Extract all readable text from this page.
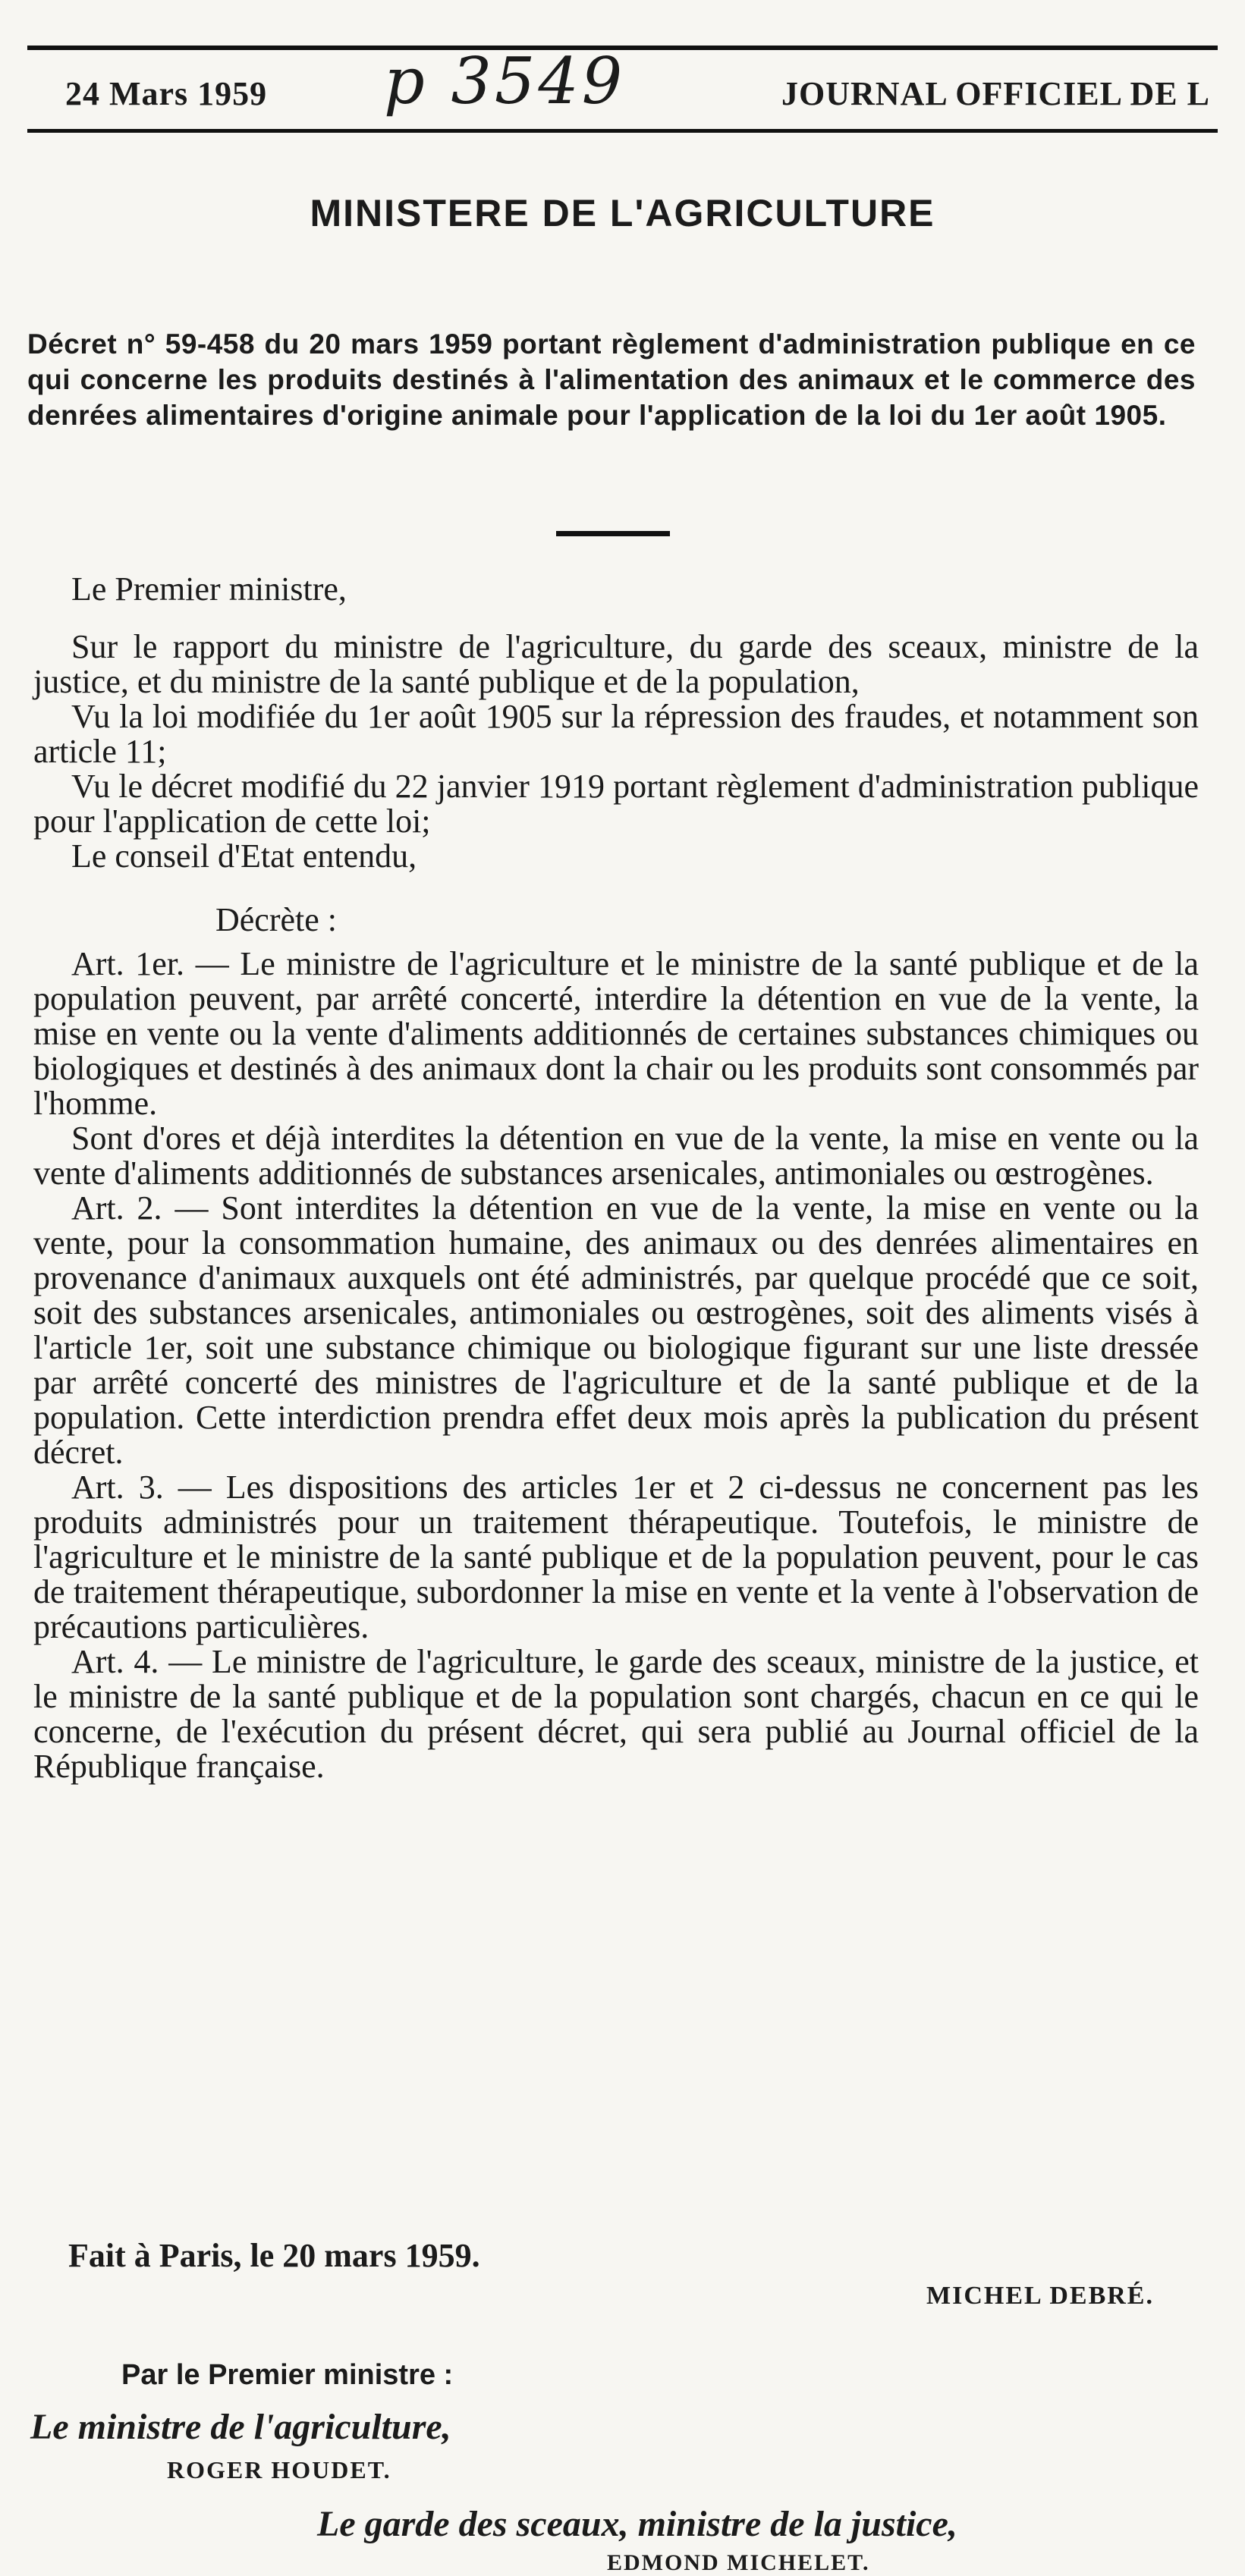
24 Mars 1959 p 3549	JOURNAL OFFICIEL DE L
MINISTERE DE L'AGRICULTURE
Décret n° 59-458 du 20 mars 1959 portant règlement d'administration publique en ce qui concerne les produits destinés à l'alimentation des animaux et le commerce des denrées alimentaires d'origine animale pour l'application de la loi du 1er août 1905.

Le Premier ministre,

Sur le rapport du ministre de l'agriculture, du garde des sceaux, ministre de la justice, et du ministre de la santé publique et de la population,

Vu la loi modifiée du 1er août 1905 sur la répression des fraudes, et notamment son article 11;

Vu le décret modifié du 22 janvier 1919 portant règlement d'administration publique pour l'application de cette loi;

Le conseil d'Etat entendu,

Décrète :

Art. 1er. — Le ministre de l'agriculture et le ministre de la santé publique et de la population peuvent, par arrêté concerté, interdire la détention en vue de la vente, la mise en vente ou la vente d'aliments additionnés de certaines substances chimiques ou biologiques et destinés à des animaux dont la chair ou les produits sont consommés par l'homme.

Sont d'ores et déjà interdites la détention en vue de la vente, la mise en vente ou la vente d'aliments additionnés de substances arsenicales, antimoniales ou œstrogènes.

Art. 2. — Sont interdites la détention en vue de la vente, la mise en vente ou la vente, pour la consommation humaine, des animaux ou des denrées alimentaires en provenance d'animaux auxquels ont été administrés, par quelque procédé que ce soit, soit des substances arsenicales, antimoniales ou œstrogènes, soit des aliments visés à l'article 1er, soit une substance chimique ou biologique figurant sur une liste dressée par arrêté concerté des ministres de l'agriculture et de la santé publique et de la population. Cette interdiction prendra effet deux mois après la publication du présent décret.

Art. 3. — Les dispositions des articles 1er et 2 ci-dessus ne concernent pas les produits administrés pour un traitement thérapeutique. Toutefois, le ministre de l'agriculture et le ministre de la santé publique et de la population peuvent, pour le cas de traitement thérapeutique, subordonner la mise en vente et la vente à l'observation de précautions particulières.

Art. 4. — Le ministre de l'agriculture, le garde des sceaux, ministre de la justice, et le ministre de la santé publique et de la population sont chargés, chacun en ce qui le concerne, de l'exécution du présent décret, qui sera publié au Journal officiel de la République française.

Fait à Paris, le 20 mars 1959.
MICHEL DEBRÉ.
Par le Premier ministre :
Le ministre de l'agriculture,
ROGER HOUDET.
Le garde des sceaux, ministre de la justice,
EDMOND MICHELET.
